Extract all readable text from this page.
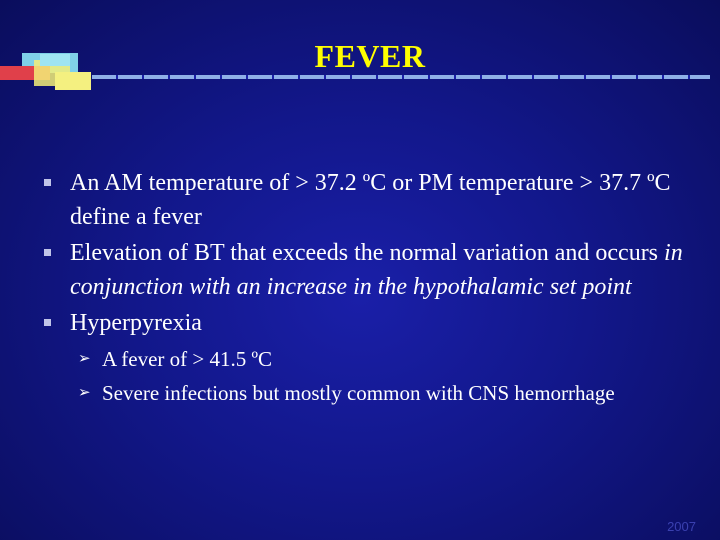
FEVER
An AM temperature of > 37.2 ºC or PM temperature > 37.7 ºC define a fever
Elevation of BT that exceeds the normal variation and occurs in conjunction with an increase in the hypothalamic set point
Hyperpyrexia
➢ A fever of > 41.5 ºC
➢ Severe infections but mostly common with CNS hemorrhage
2007
